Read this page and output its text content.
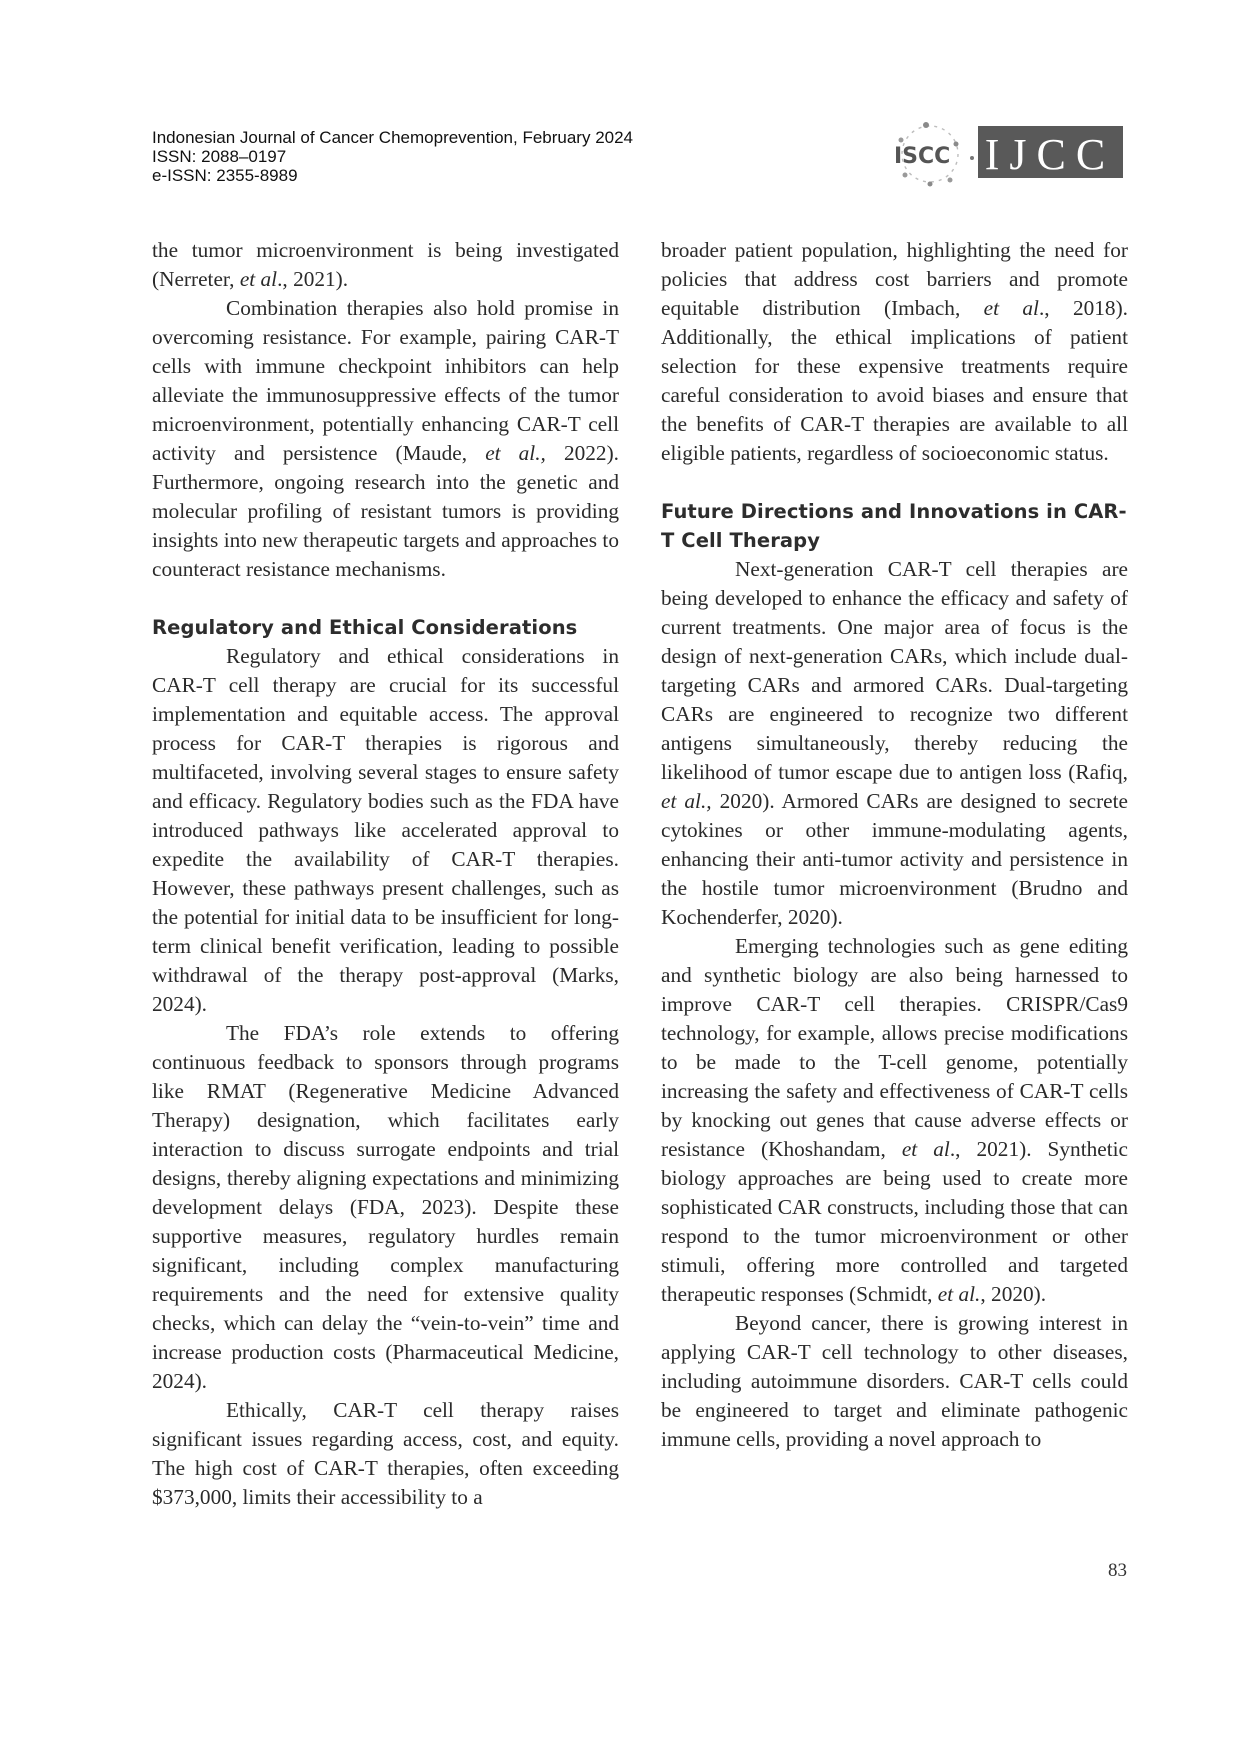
Indonesian Journal of Cancer Chemoprevention, February 2024
ISSN: 2088–0197
e-ISSN: 2355-8989
ISCC IJCC

the tumor microenvironment is being investigated (Nerreter, et al., 2021).

Combination therapies also hold promise in overcoming resistance. For example, pairing CAR-T cells with immune checkpoint inhibitors can help alleviate the immunosuppressive effects of the tumor microenvironment, potentially enhancing CAR-T cell activity and persistence (Maude, et al., 2022). Furthermore, ongoing research into the genetic and molecular profiling of resistant tumors is providing insights into new therapeutic targets and approaches to counteract resistance mechanisms.

Regulatory and Ethical Considerations

Regulatory and ethical considerations in CAR-T cell therapy are crucial for its successful implementation and equitable access. The approval process for CAR-T therapies is rigorous and multifaceted, involving several stages to ensure safety and efficacy. Regulatory bodies such as the FDA have introduced pathways like accelerated approval to expedite the availability of CAR-T therapies. However, these pathways present challenges, such as the potential for initial data to be insufficient for long-term clinical benefit verification, leading to possible withdrawal of the therapy post-approval (Marks, 2024).

The FDA’s role extends to offering continuous feedback to sponsors through programs like RMAT (Regenerative Medicine Advanced Therapy) designation, which facilitates early interaction to discuss surrogate endpoints and trial designs, thereby aligning expectations and minimizing development delays (FDA, 2023). Despite these supportive measures, regulatory hurdles remain significant, including complex manufacturing requirements and the need for extensive quality checks, which can delay the “vein-to-vein” time and increase production costs (Pharmaceutical Medicine, 2024).

Ethically, CAR-T cell therapy raises significant issues regarding access, cost, and equity. The high cost of CAR-T therapies, often exceeding $373,000, limits their accessibility to a

broader patient population, highlighting the need for policies that address cost barriers and promote equitable distribution (Imbach, et al., 2018). Additionally, the ethical implications of patient selection for these expensive treatments require careful consideration to avoid biases and ensure that the benefits of CAR-T therapies are available to all eligible patients, regardless of socioeconomic status.

Future Directions and Innovations in CAR-T Cell Therapy

Next-generation CAR-T cell therapies are being developed to enhance the efficacy and safety of current treatments. One major area of focus is the design of next-generation CARs, which include dual-targeting CARs and armored CARs. Dual-targeting CARs are engineered to recognize two different antigens simultaneously, thereby reducing the likelihood of tumor escape due to antigen loss (Rafiq, et al., 2020). Armored CARs are designed to secrete cytokines or other immune-modulating agents, enhancing their anti-tumor activity and persistence in the hostile tumor microenvironment (Brudno and Kochenderfer, 2020).

Emerging technologies such as gene editing and synthetic biology are also being harnessed to improve CAR-T cell therapies. CRISPR/Cas9 technology, for example, allows precise modifications to be made to the T-cell genome, potentially increasing the safety and effectiveness of CAR-T cells by knocking out genes that cause adverse effects or resistance (Khoshandam, et al., 2021). Synthetic biology approaches are being used to create more sophisticated CAR constructs, including those that can respond to the tumor microenvironment or other stimuli, offering more controlled and targeted therapeutic responses (Schmidt, et al., 2020).

Beyond cancer, there is growing interest in applying CAR-T cell technology to other diseases, including autoimmune disorders. CAR-T cells could be engineered to target and eliminate pathogenic immune cells, providing a novel approach to

83
